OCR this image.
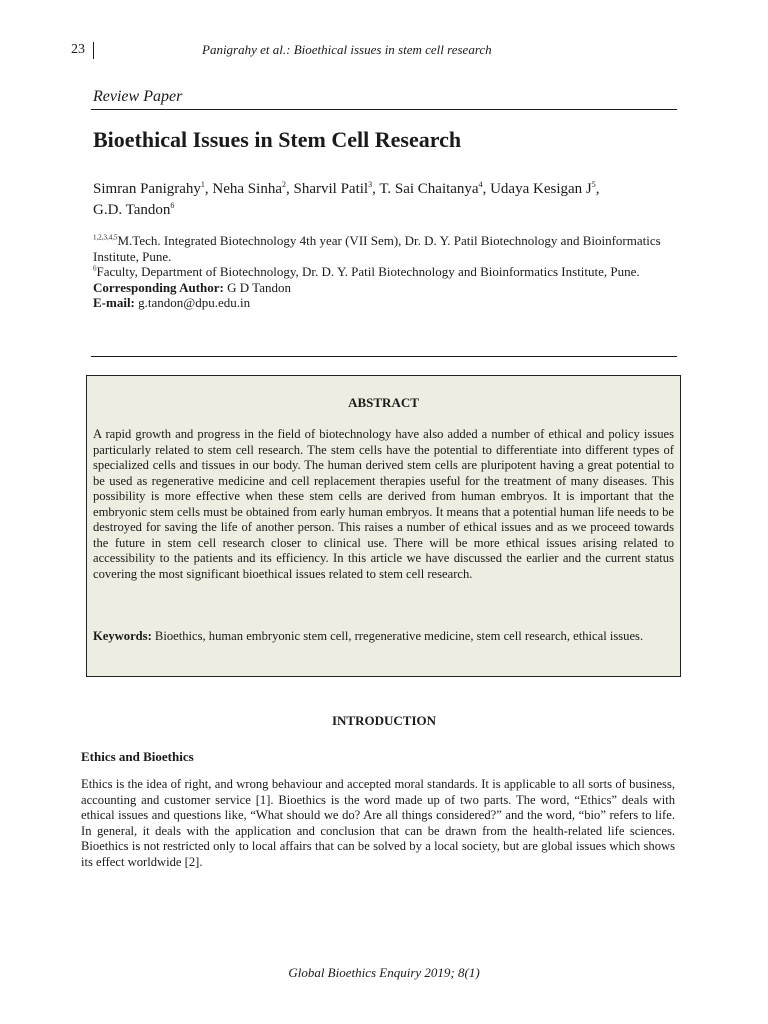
23	Panigrahy et al.: Bioethical issues in stem cell research
Review Paper
Bioethical Issues in Stem Cell Research
Simran Panigrahy$^1$, Neha Sinha$^2$, Sharvil Patil$^3$, T. Sai Chaitanya$^4$, Udaya Kesigan $J^5$,
G.D. Tandon$^6$

$^{1,2,3,4,5}$M.Tech. Integrated Biotechnology 4th year (VII Sem), Dr. D. Y. Patil Biotechnology and Bioinformatics Institute, Pune.

$^6$Faculty, Department of Biotechnology, Dr. D. Y. Patil Biotechnology and Bioinformatics Institute, Pune.

Corresponding Author: G D Tandon

E-mail: g.tandon@dpu.edu.in

ABSTRACT
A rapid growth and progress in the field of biotechnology have also added a number of ethical and policy issues particularly related to stem cell research. The stem cells have the potential to differentiate into different types of specialized cells and tissues in our body. The human derived stem cells are pluripotent having a great potential to be used as regenerative medicine and cell replacement therapies useful for the treatment of many diseases. This possibility is more effective when these stem cells are derived from human embryos. It is important that the embryonic stem cells must be obtained from early human embryos. It means that a potential human life needs to be destroyed for saving the life of another person. This raises a number of ethical issues and as we proceed towards the future in stem cell research closer to clinical use. There will be more ethical issues arising related to accessibility to the patients and its efficiency. In this article we have discussed the earlier and the current status covering the most significant bioethical issues related to stem cell research.
Keywords: Bioethics, human embryonic stem cell, rregenerative medicine, stem cell research, ethical issues.
INTRODUCTION
Ethics and Bioethics
Ethics is the idea of right, and wrong behaviour and accepted moral standards. It is applicable to all sorts of business, accounting and customer service [1]. Bioethics is the word made up of two parts. The word, “Ethics” deals with ethical issues and questions like, “What should we do? Are all things considered?” and the word, “bio” refers to life. In general, it deals with the application and conclusion that can be drawn from the health-related life sciences. Bioethics is not restricted only to local affairs that can be solved by a local society, but are global issues which shows its effect worldwide [2].
Global Bioethics Enquiry 2019; 8(1)
